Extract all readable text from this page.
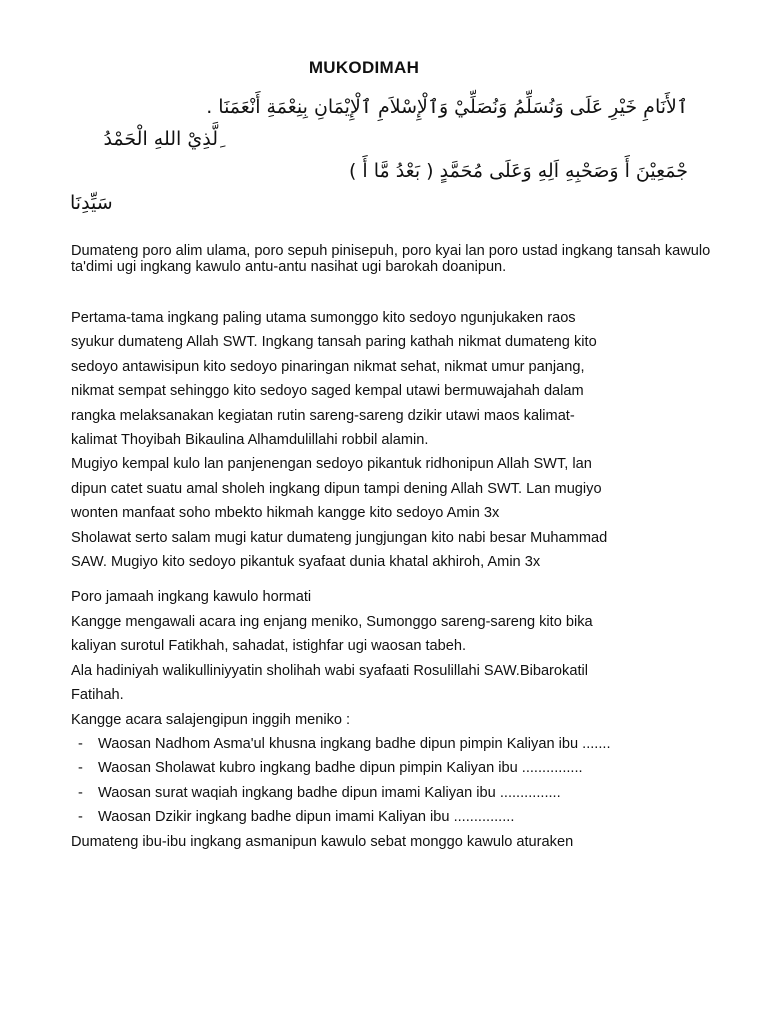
MUKODIMAH
ٱلأَنَامِ خَيْرِ عَلَى وَنُسَلِّمُ وَنُصَلِّيْ وَٱلْإِسْلاَمِ ٱلْإِيْمَانِ بِنِعْمَةِ أَنْعَمَنَا .
ِلَّذِيْ اللهِ الْحَمْدُ
جْمَعِيْنَ أَ وَصَحْبِهِ اَلِهِ وَعَلَى مُحَمَّدٍ ( بَعْدُ مَّا أَ )
سَيِّدِنَا

Dumateng poro alim ulama, poro sepuh pinisepuh, poro kyai lan poro ustad ingkang tansah kawulo ta'dimi ugi ingkang kawulo antu-antu nasihat ugi barokah doanipun.

Pertama-tama ingkang paling utama sumonggo kito sedoyo ngunjukaken raos
syukur dumateng Allah SWT. Ingkang tansah paring kathah nikmat dumateng kito
sedoyo antawisipun kito sedoyo pinaringan nikmat sehat, nikmat umur panjang,
nikmat sempat sehinggo kito sedoyo saged kempal utawi bermuwajahah dalam
rangka melaksanakan kegiatan rutin sareng-sareng dzikir utawi maos kalimat-
kalimat Thoyibah Bikaulina Alhamdulillahi robbil alamin.
Mugiyo kempal kulo lan panjenengan sedoyo pikantuk ridhonipun Allah SWT, lan
dipun catet suatu amal sholeh ingkang dipun tampi dening Allah SWT. Lan mugiyo
wonten manfaat soho mbekto hikmah kangge kito sedoyo Amin 3x
Sholawat serto salam mugi katur dumateng jungjungan kito nabi besar Muhammad
SAW. Mugiyo kito sedoyo pikantuk syafaat dunia khatal akhiroh, Amin 3x
Poro jamaah ingkang kawulo hormati
Kangge mengawali acara ing enjang meniko, Sumonggo sareng-sareng kito bika
kaliyan surotul Fatikhah, sahadat, istighfar ugi waosan tabeh.
Ala hadiniyah walikulliniyyatin sholihah wabi syafaati Rosulillahi SAW.Bibarokatil
Fatihah.
Kangge acara salajengipun inggih meniko :
- Waosan Nadhom Asma'ul khusna ingkang badhe dipun pimpin Kaliyan ibu .......
- Waosan Sholawat kubro ingkang badhe dipun pimpin Kaliyan ibu ...............
- Waosan surat waqiah ingkang badhe dipun imami Kaliyan ibu ...............
- Waosan Dzikir ingkang badhe dipun imami Kaliyan ibu ...............
Dumateng ibu-ibu ingkang asmanipun kawulo sebat monggo kawulo aturaken
